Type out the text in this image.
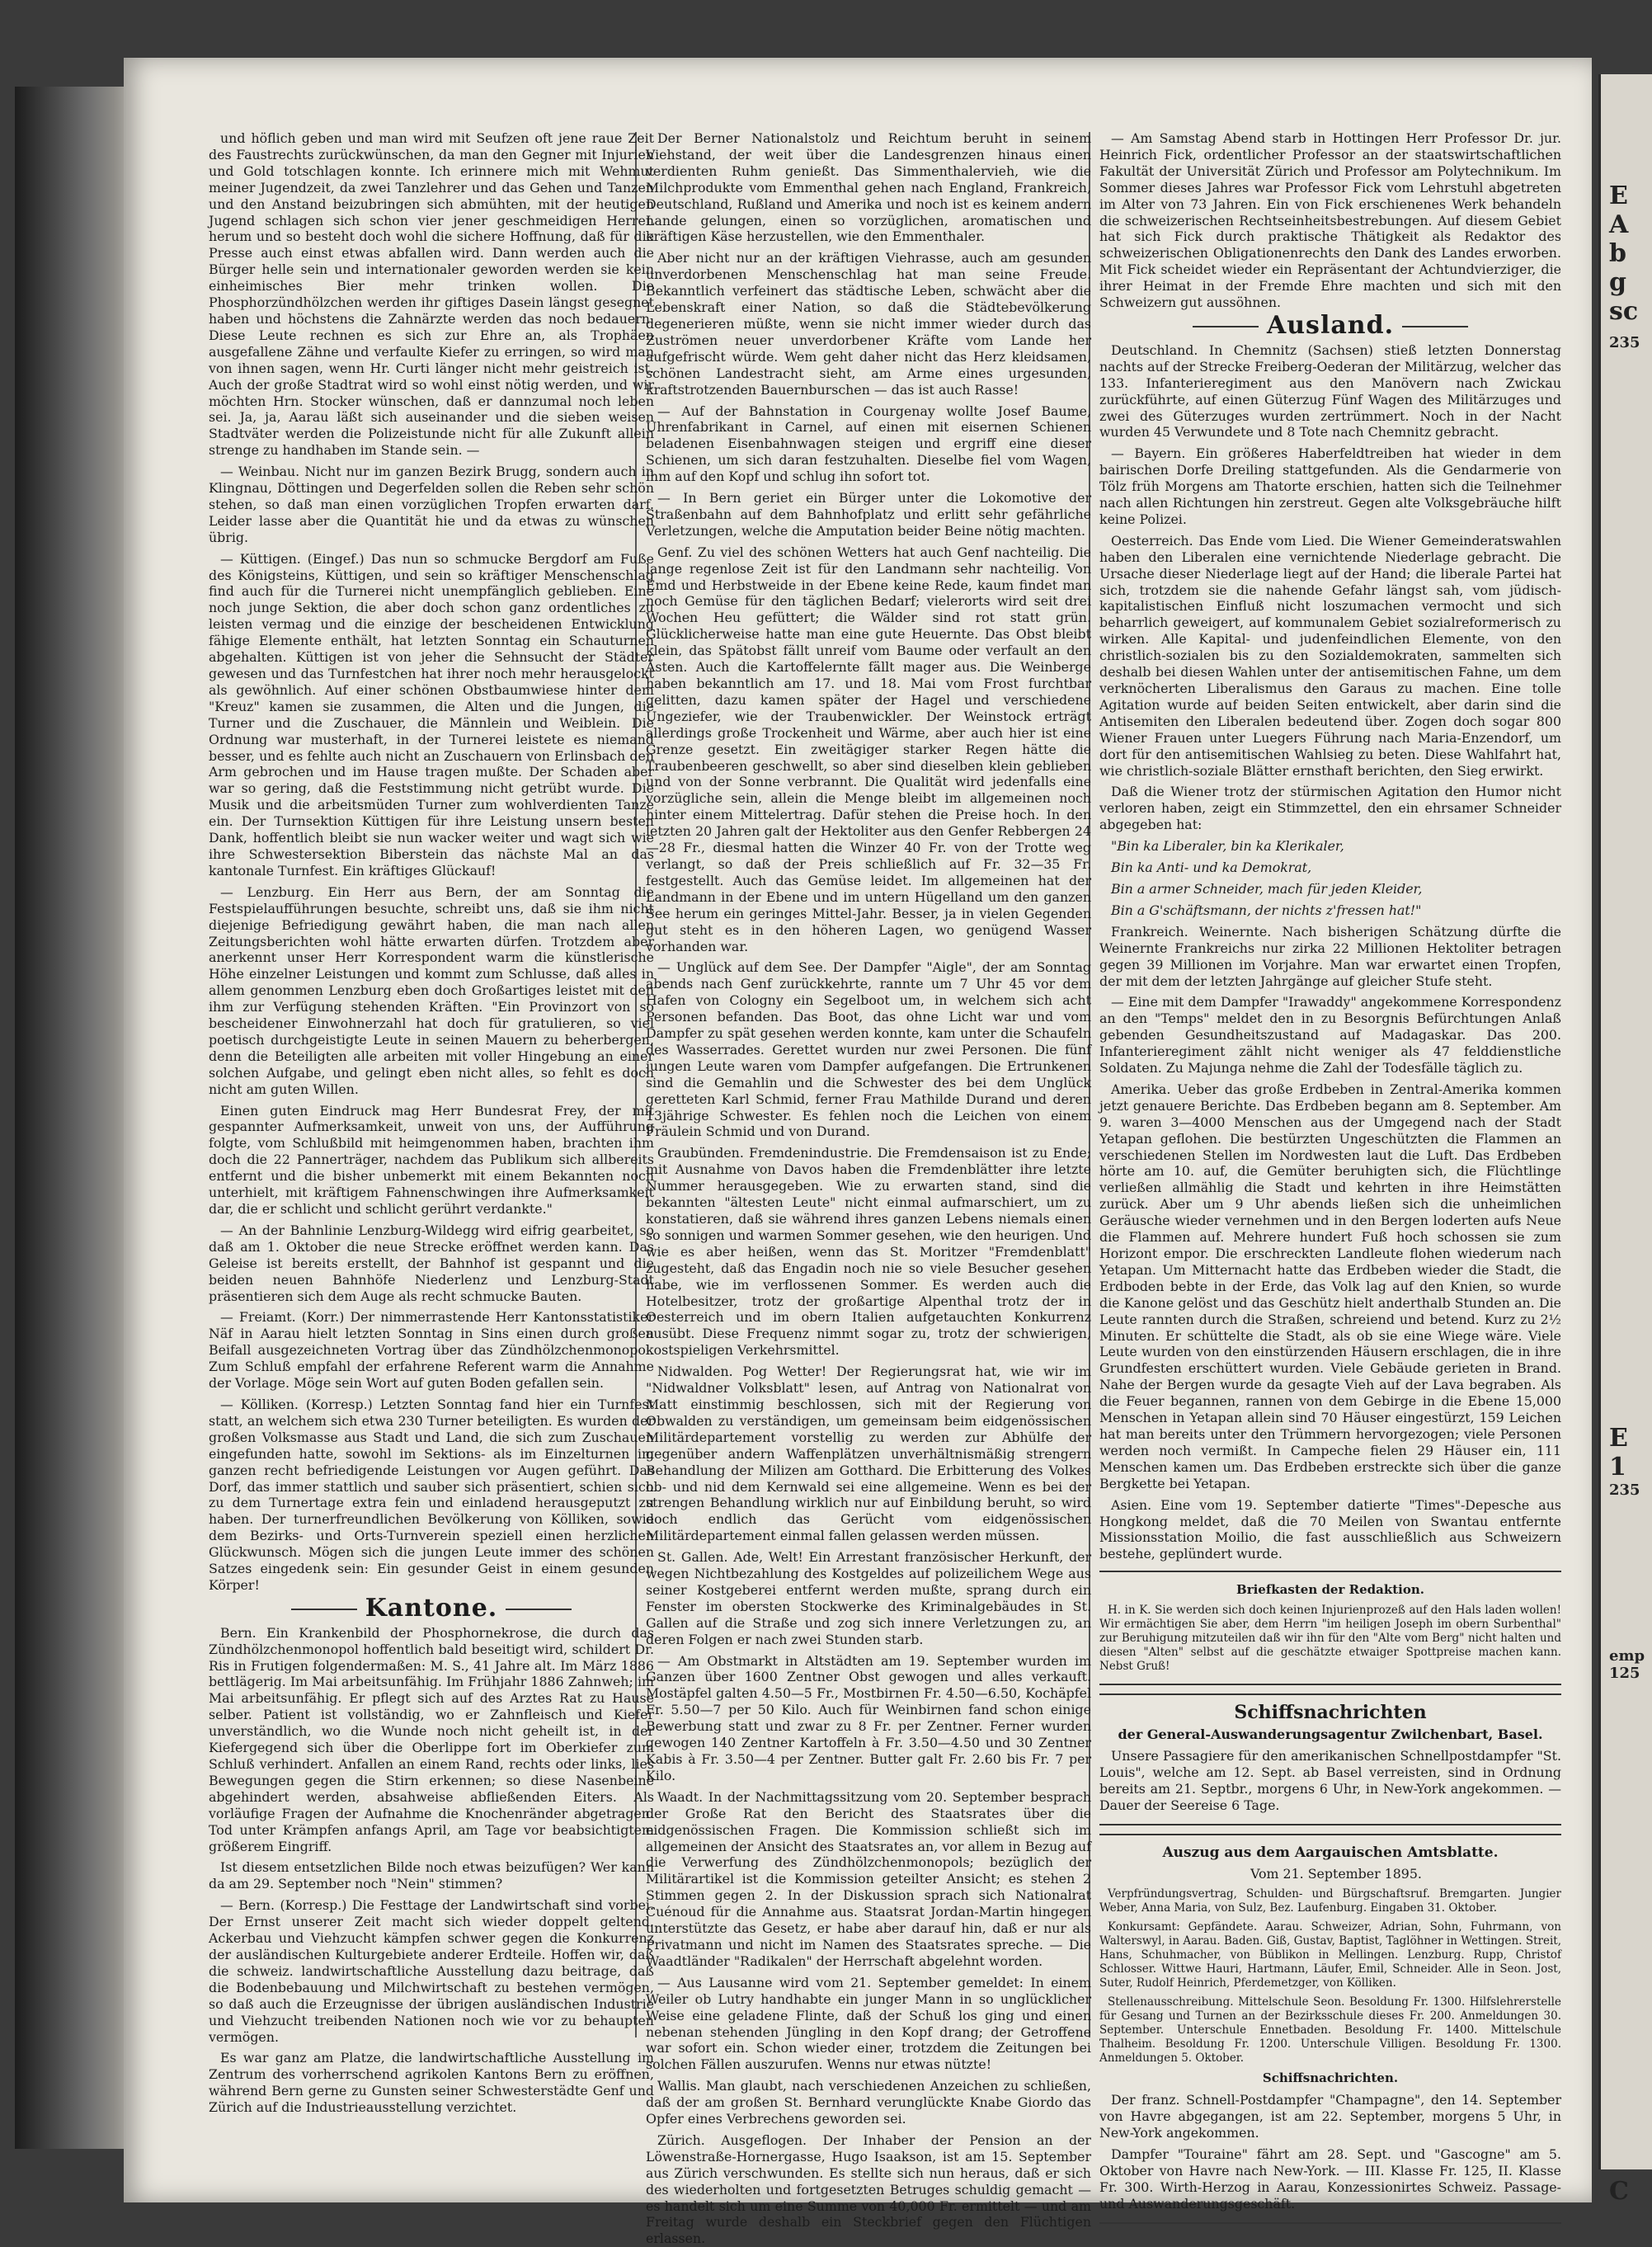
E
A
b
g
sc
235
E
1
235
emp
125
C

und höflich geben und man wird mit Seufzen oft jene raue Zeit des Faustrechts zurückwünschen, da man den Gegner mit Injurien und Gold totschlagen konnte. Ich erinnere mich mit Wehmut meiner Jugendzeit, da zwei Tanzlehrer und das Gehen und Tanzen und den Anstand beizubringen sich abmühten, mit der heutigen Jugend schlagen sich schon vier jener geschmeidigen Herren herum und so besteht doch wohl die sichere Hoffnung, daß für die Presse auch einst etwas abfallen wird. Dann werden auch die Bürger helle sein und internationaler geworden werden sie kein einheimisches Bier mehr trinken wollen. Die Phosphorzündhölzchen werden ihr giftiges Dasein längst gesegnet haben und höchstens die Zahnärzte werden das noch bedauern. Diese Leute rechnen es sich zur Ehre an, als Trophäen ausgefallene Zähne und verfaulte Kiefer zu erringen, so wird man von ihnen sagen, wenn Hr. Curti länger nicht mehr geistreich ist. Auch der große Stadtrat wird so wohl einst nötig werden, und wir möchten Hrn. Stocker wünschen, daß er dannzumal noch leben sei. Ja, ja, Aarau läßt sich auseinander und die sieben weisen Stadtväter werden die Polizeistunde nicht für alle Zukunft allein strenge zu handhaben im Stande sein. —

— Weinbau. Nicht nur im ganzen Bezirk Brugg, sondern auch in Klingnau, Döttingen und Degerfelden sollen die Reben sehr schön stehen, so daß man einen vorzüglichen Tropfen erwarten darf. Leider lasse aber die Quantität hie und da etwas zu wünschen übrig.

— Küttigen. (Eingef.) Das nun so schmucke Bergdorf am Fuße des Königsteins, Küttigen, und sein so kräftiger Menschenschlag find auch für die Turnerei nicht unempfänglich geblieben. Eine noch junge Sektion, die aber doch schon ganz ordentliches zu leisten vermag und die einzige der bescheidenen Entwicklung fähige Elemente enthält, hat letzten Sonntag ein Schauturnen abgehalten. Küttigen ist von jeher die Sehnsucht der Städter gewesen und das Turnfestchen hat ihrer noch mehr herausgelockt als gewöhnlich. Auf einer schönen Obstbaumwiese hinter dem "Kreuz" kamen sie zusammen, die Alten und die Jungen, die Turner und die Zuschauer, die Männlein und Weiblein. Die Ordnung war musterhaft, in der Turnerei leistete es niemand besser, und es fehlte auch nicht an Zuschauern von Erlinsbach den Arm gebrochen und im Hause tragen mußte. Der Schaden aber war so gering, daß die Feststimmung nicht getrübt wurde. Die Musik und die arbeitsmüden Turner zum wohlverdienten Tanze ein. Der Turnsektion Küttigen für ihre Leistung unsern besten Dank, hoffentlich bleibt sie nun wacker weiter und wagt sich wie ihre Schwestersektion Biberstein das nächste Mal an das kantonale Turnfest. Ein kräftiges Glückauf!

— Lenzburg. Ein Herr aus Bern, der am Sonntag die Festspielaufführungen besuchte, schreibt uns, daß sie ihm nicht diejenige Befriedigung gewährt haben, die man nach allen Zeitungsberichten wohl hätte erwarten dürfen. Trotzdem aber anerkennt unser Herr Korrespondent warm die künstlerische Höhe einzelner Leistungen und kommt zum Schlusse, daß alles in allem genommen Lenzburg eben doch Großartiges leistet mit den ihm zur Verfügung stehenden Kräften. "Ein Provinzort von so bescheidener Einwohnerzahl hat doch für gratulieren, so viel poetisch durchgeistigte Leute in seinen Mauern zu beherbergen, denn die Beteiligten alle arbeiten mit voller Hingebung an einer solchen Aufgabe, und gelingt eben nicht alles, so fehlt es doch nicht am guten Willen.

Einen guten Eindruck mag Herr Bundesrat Frey, der mit gespannter Aufmerksamkeit, unweit von uns, der Aufführung folgte, vom Schlußbild mit heimgenommen haben, brachten ihm doch die 22 Pannerträger, nachdem das Publikum sich allbereits entfernt und die bisher unbemerkt mit einem Bekannten noch unterhielt, mit kräftigem Fahnenschwingen ihre Aufmerksamkeit dar, die er schlicht und schlicht gerührt verdankte."

— An der Bahnlinie Lenzburg-Wildegg wird eifrig gearbeitet, so daß am 1. Oktober die neue Strecke eröffnet werden kann. Das Geleise ist bereits erstellt, der Bahnhof ist gespannt und die beiden neuen Bahnhöfe Niederlenz und Lenzburg-Stadt präsentieren sich dem Auge als recht schmucke Bauten.

— Freiamt. (Korr.) Der nimmerrastende Herr Kantonsstatistiker Näf in Aarau hielt letzten Sonntag in Sins einen durch großen Beifall ausgezeichneten Vortrag über das Zündhölzchenmonopol. Zum Schluß empfahl der erfahrene Referent warm die Annahme der Vorlage. Möge sein Wort auf guten Boden gefallen sein.

— Kölliken. (Korresp.) Letzten Sonntag fand hier ein Turnfest statt, an welchem sich etwa 230 Turner beteiligten. Es wurden der großen Volksmasse aus Stadt und Land, die sich zum Zuschauen eingefunden hatte, sowohl im Sektions- als im Einzelturnen im ganzen recht befriedigende Leistungen vor Augen geführt. Das Dorf, das immer stattlich und sauber sich präsentiert, schien sich zu dem Turnertage extra fein und einladend herausgeputzt zu haben. Der turnerfreundlichen Bevölkerung von Kölliken, sowie dem Bezirks- und Orts-Turnverein speziell einen herzlichen Glückwunsch. Mögen sich die jungen Leute immer des schönen Satzes eingedenk sein: Ein gesunder Geist in einem gesunden Körper!

Kantone.

Bern. Ein Krankenbild der Phosphornekrose, die durch das Zündhölzchenmonopol hoffentlich bald beseitigt wird, schildert Dr. Ris in Frutigen folgendermaßen: M. S., 41 Jahre alt. Im März 1886 bettlägerig. Im Mai arbeitsunfähig. Im Frühjahr 1886 Zahnweh; im Mai arbeitsunfähig. Er pflegt sich auf des Arztes Rat zu Hause selber. Patient ist vollständig, wo er Zahnfleisch und Kiefer unverständlich, wo die Wunde noch nicht geheilt ist, in der Kiefergegend sich über die Oberlippe fort im Oberkiefer zum Schluß verhindert. Anfallen an einem Rand, rechts oder links, lies Bewegungen gegen die Stirn erkennen; so diese Nasenbeine abgehindert werden, absahweise abfließenden Eiters. Als vorläufige Fragen der Aufnahme die Knochenränder abgetragen. Tod unter Krämpfen anfangs April, am Tage vor beabsichtigtem größerem Eingriff.

Ist diesem entsetzlichen Bilde noch etwas beizufügen? Wer kann da am 29. September noch "Nein" stimmen?

— Bern. (Korresp.) Die Festtage der Landwirtschaft sind vorbei. Der Ernst unserer Zeit macht sich wieder doppelt geltend. Ackerbau und Viehzucht kämpfen schwer gegen die Konkurrenz der ausländischen Kulturgebiete anderer Erdteile. Hoffen wir, daß die schweiz. landwirtschaftliche Ausstellung dazu beitrage, daß die Bodenbebauung und Milchwirtschaft zu bestehen vermögen, so daß auch die Erzeugnisse der übrigen ausländischen Industrie und Viehzucht treibenden Nationen noch wie vor zu behaupten vermögen.

Es war ganz am Platze, die landwirtschaftliche Ausstellung im Zentrum des vorherrschend agrikolen Kantons Bern zu eröffnen, während Bern gerne zu Gunsten seiner Schwesterstädte Genf und Zürich auf die Industrieausstellung verzichtet.

Der Berner Nationalstolz und Reichtum beruht in seinem Viehstand, der weit über die Landesgrenzen hinaus einen verdienten Ruhm genießt. Das Simmenthalervieh, wie die Milchprodukte vom Emmenthal gehen nach England, Frankreich, Deutschland, Rußland und Amerika und noch ist es keinem andern Lande gelungen, einen so vorzüglichen, aromatischen und kräftigen Käse herzustellen, wie den Emmenthaler.

Aber nicht nur an der kräftigen Viehrasse, auch am gesunden unverdorbenen Menschenschlag hat man seine Freude. Bekanntlich verfeinert das städtische Leben, schwächt aber die Lebenskraft einer Nation, so daß die Städtebevölkerung degenerieren müßte, wenn sie nicht immer wieder durch das Zuströmen neuer unverdorbener Kräfte vom Lande her aufgefrischt würde. Wem geht daher nicht das Herz kleidsamen, schönen Landestracht sieht, am Arme eines urgesunden, kraftstrotzenden Bauernburschen — das ist auch Rasse!

— Auf der Bahnstation in Courgenay wollte Josef Baume, Uhrenfabrikant in Carnel, auf einen mit eisernen Schienen beladenen Eisenbahnwagen steigen und ergriff eine dieser Schienen, um sich daran festzuhalten. Dieselbe fiel vom Wagen, ihm auf den Kopf und schlug ihn sofort tot.

— In Bern geriet ein Bürger unter die Lokomotive der Straßenbahn auf dem Bahnhofplatz und erlitt sehr gefährliche Verletzungen, welche die Amputation beider Beine nötig machten.

Genf. Zu viel des schönen Wetters hat auch Genf nachteilig. Die lange regenlose Zeit ist für den Landmann sehr nachteilig. Von Emd und Herbstweide in der Ebene keine Rede, kaum findet man noch Gemüse für den täglichen Bedarf; vielerorts wird seit drei Wochen Heu gefüttert; die Wälder sind rot statt grün. Glücklicherweise hatte man eine gute Heuernte. Das Obst bleibt klein, das Spätobst fällt unreif vom Baume oder verfault an den Ästen. Auch die Kartoffelernte fällt mager aus. Die Weinberge haben bekanntlich am 17. und 18. Mai vom Frost furchtbar gelitten, dazu kamen später der Hagel und verschiedene Ungeziefer, wie der Traubenwickler. Der Weinstock erträgt allerdings große Trockenheit und Wärme, aber auch hier ist eine Grenze gesetzt. Ein zweitägiger starker Regen hätte die Traubenbeeren geschwellt, so aber sind dieselben klein geblieben und von der Sonne verbrannt. Die Qualität wird jedenfalls eine vorzügliche sein, allein die Menge bleibt im allgemeinen noch hinter einem Mittelertrag. Dafür stehen die Preise hoch. In den letzten 20 Jahren galt der Hektoliter aus den Genfer Rebbergen 24—28 Fr., diesmal hatten die Winzer 40 Fr. von der Trotte weg verlangt, so daß der Preis schließlich auf Fr. 32—35 Fr. festgestellt. Auch das Gemüse leidet. Im allgemeinen hat der Landmann in der Ebene und im untern Hügelland um den ganzen See herum ein geringes Mittel-Jahr. Besser, ja in vielen Gegenden gut steht es in den höheren Lagen, wo genügend Wasser vorhanden war.

— Unglück auf dem See. Der Dampfer "Aigle", der am Sonntag abends nach Genf zurückkehrte, rannte um 7 Uhr 45 vor dem Hafen von Cologny ein Segelboot um, in welchem sich acht Personen befanden. Das Boot, das ohne Licht war und vom Dampfer zu spät gesehen werden konnte, kam unter die Schaufeln des Wasserrades. Gerettet wurden nur zwei Personen. Die fünf jungen Leute waren vom Dampfer aufgefangen. Die Ertrunkenen sind die Gemahlin und die Schwester des bei dem Unglück geretteten Karl Schmid, ferner Frau Mathilde Durand und deren 13jährige Schwester. Es fehlen noch die Leichen von einem Fräulein Schmid und von Durand.

Graubünden. Fremdenindustrie. Die Fremdensaison ist zu Ende; mit Ausnahme von Davos haben die Fremdenblätter ihre letzte Nummer herausgegeben. Wie zu erwarten stand, sind die bekannten "ältesten Leute" nicht einmal aufmarschiert, um zu konstatieren, daß sie während ihres ganzen Lebens niemals einen so sonnigen und warmen Sommer gesehen, wie den heurigen. Und wie es aber heißen, wenn das St. Moritzer "Fremdenblatt" zugesteht, daß das Engadin noch nie so viele Besucher gesehen habe, wie im verflossenen Sommer. Es werden auch die Hotelbesitzer, trotz der großartige Alpenthal trotz der in Oesterreich und im obern Italien aufgetauchten Konkurrenz ausübt. Diese Frequenz nimmt sogar zu, trotz der schwierigen, kostspieligen Verkehrsmittel.

Nidwalden. Pog Wetter! Der Regierungsrat hat, wie wir im "Nidwaldner Volksblatt" lesen, auf Antrag von Nationalrat von Matt einstimmig beschlossen, sich mit der Regierung von Obwalden zu verständigen, um gemeinsam beim eidgenössischen Militärdepartement vorstellig zu werden zur Abhülfe der gegenüber andern Waffenplätzen unverhältnismäßig strengern Behandlung der Milizen am Gotthard. Die Erbitterung des Volkes ob- und nid dem Kernwald sei eine allgemeine. Wenn es bei der strengen Behandlung wirklich nur auf Einbildung beruht, so wird doch endlich das Gerücht vom eidgenössischen Militärdepartement einmal fallen gelassen werden müssen.

St. Gallen. Ade, Welt! Ein Arrestant französischer Herkunft, der wegen Nichtbezahlung des Kostgeldes auf polizeilichem Wege aus seiner Kostgeberei entfernt werden mußte, sprang durch ein Fenster im obersten Stockwerke des Kriminalgebäudes in St. Gallen auf die Straße und zog sich innere Verletzungen zu, an deren Folgen er nach zwei Stunden starb.

— Am Obstmarkt in Altstädten am 19. September wurden im Ganzen über 1600 Zentner Obst gewogen und alles verkauft. Mostäpfel galten 4.50—5 Fr., Mostbirnen Fr. 4.50—6.50, Kochäpfel Fr. 5.50—7 per 50 Kilo. Auch für Weinbirnen fand schon einige Bewerbung statt und zwar zu 8 Fr. per Zentner. Ferner wurden gewogen 140 Zentner Kartoffeln à Fr. 3.50—4.50 und 30 Zentner Kabis à Fr. 3.50—4 per Zentner. Butter galt Fr. 2.60 bis Fr. 7 per Kilo.

Waadt. In der Nachmittagssitzung vom 20. September besprach der Große Rat den Bericht des Staatsrates über die eidgenössischen Fragen. Die Kommission schließt sich im allgemeinen der Ansicht des Staatsrates an, vor allem in Bezug auf die Verwerfung des Zündhölzchenmonopols; bezüglich der Militärartikel ist die Kommission geteilter Ansicht; es stehen 2 Stimmen gegen 2. In der Diskussion sprach sich Nationalrat Cuénoud für die Annahme aus. Staatsrat Jordan-Martin hingegen unterstützte das Gesetz, er habe aber darauf hin, daß er nur als Privatmann und nicht im Namen des Staatsrates spreche. — Die Waadtländer "Radikalen" der Herrschaft abgelehnt worden.

— Aus Lausanne wird vom 21. September gemeldet: In einem Weiler ob Lutry handhabte ein junger Mann in so unglücklicher Weise eine geladene Flinte, daß der Schuß los ging und einen nebenan stehenden Jüngling in den Kopf drang; der Getroffene war sofort ein. Schon wieder einer, trotzdem die Zeitungen bei solchen Fällen auszurufen. Wenns nur etwas nützte!

Wallis. Man glaubt, nach verschiedenen Anzeichen zu schließen, daß der am großen St. Bernhard verunglückte Knabe Giordo das Opfer eines Verbrechens geworden sei.

Zürich. Ausgeflogen. Der Inhaber der Pension an der Löwenstraße-Hornergasse, Hugo Isaakson, ist am 15. September aus Zürich verschwunden. Es stellte sich nun heraus, daß er sich des wiederholten und fortgesetzten Betruges schuldig gemacht — es handelt sich um eine Summe von 40,000 Fr. ermittelt — und am Freitag wurde deshalb ein Steckbrief gegen den Flüchtigen erlassen.

— Am Samstag Abend starb in Hottingen Herr Professor Dr. jur. Heinrich Fick, ordentlicher Professor an der staatswirtschaftlichen Fakultät der Universität Zürich und Professor am Polytechnikum. Im Sommer dieses Jahres war Professor Fick vom Lehrstuhl abgetreten im Alter von 73 Jahren. Ein von Fick erschienenes Werk behandeln die schweizerischen Rechtseinheitsbestrebungen. Auf diesem Gebiet hat sich Fick durch praktische Thätigkeit als Redaktor des schweizerischen Obligationenrechts den Dank des Landes erworben. Mit Fick scheidet wieder ein Repräsentant der Achtundvierziger, die ihrer Heimat in der Fremde Ehre machten und sich mit den Schweizern gut aussöhnen.

Ausland.

Deutschland. In Chemnitz (Sachsen) stieß letzten Donnerstag nachts auf der Strecke Freiberg-Oederan der Militärzug, welcher das 133. Infanterieregiment aus den Manövern nach Zwickau zurückführte, auf einen Güterzug Fünf Wagen des Militärzuges und zwei des Güterzuges wurden zertrümmert. Noch in der Nacht wurden 45 Verwundete und 8 Tote nach Chemnitz gebracht.

— Bayern. Ein größeres Haberfeldtreiben hat wieder in dem bairischen Dorfe Dreiling stattgefunden. Als die Gendarmerie von Tölz früh Morgens am Thatorte erschien, hatten sich die Teilnehmer nach allen Richtungen hin zerstreut. Gegen alte Volksgebräuche hilft keine Polizei.

Oesterreich. Das Ende vom Lied. Die Wiener Gemeinderatswahlen haben den Liberalen eine vernichtende Niederlage gebracht. Die Ursache dieser Niederlage liegt auf der Hand; die liberale Partei hat sich, trotzdem sie die nahende Gefahr längst sah, vom jüdisch-kapitalistischen Einfluß nicht loszumachen vermocht und sich beharrlich geweigert, auf kommunalem Gebiet sozialreformerisch zu wirken. Alle Kapital- und judenfeindlichen Elemente, von den christlich-sozialen bis zu den Sozialdemokraten, sammelten sich deshalb bei diesen Wahlen unter der antisemitischen Fahne, um dem verknöcherten Liberalismus den Garaus zu machen. Eine tolle Agitation wurde auf beiden Seiten entwickelt, aber darin sind die Antisemiten den Liberalen bedeutend über. Zogen doch sogar 800 Wiener Frauen unter Luegers Führung nach Maria-Enzendorf, um dort für den antisemitischen Wahlsieg zu beten. Diese Wahlfahrt hat, wie christlich-soziale Blätter ernsthaft berichten, den Sieg erwirkt.

Daß die Wiener trotz der stürmischen Agitation den Humor nicht verloren haben, zeigt ein Stimmzettel, den ein ehrsamer Schneider abgegeben hat:

"Bin ka Liberaler, bin ka Klerikaler,

Bin ka Anti- und ka Demokrat,

Bin a armer Schneider, mach für jeden Kleider,

Bin a G'schäftsmann, der nichts z'fressen hat!"

Frankreich. Weinernte. Nach bisherigen Schätzung dürfte die Weinernte Frankreichs nur zirka 22 Millionen Hektoliter betragen gegen 39 Millionen im Vorjahre. Man war erwartet einen Tropfen, der mit dem der letzten Jahrgänge auf gleicher Stufe steht.

— Eine mit dem Dampfer "Irawaddy" angekommene Korrespondenz an den "Temps" meldet den in zu Besorgnis Befürchtungen Anlaß gebenden Gesundheitszustand auf Madagaskar. Das 200. Infanterieregiment zählt nicht weniger als 47 felddienstliche Soldaten. Zu Majunga nehme die Zahl der Todesfälle täglich zu.

Amerika. Ueber das große Erdbeben in Zentral-Amerika kommen jetzt genauere Berichte. Das Erdbeben begann am 8. September. Am 9. waren 3—4000 Menschen aus der Umgegend nach der Stadt Yetapan geflohen. Die bestürzten Ungeschützten die Flammen an verschiedenen Stellen im Nordwesten laut die Luft. Das Erdbeben hörte am 10. auf, die Gemüter beruhigten sich, die Flüchtlinge verließen allmählig die Stadt und kehrten in ihre Heimstätten zurück. Aber um 9 Uhr abends ließen sich die unheimlichen Geräusche wieder vernehmen und in den Bergen loderten aufs Neue die Flammen auf. Mehrere hundert Fuß hoch schossen sie zum Horizont empor. Die erschreckten Landleute flohen wiederum nach Yetapan. Um Mitternacht hatte das Erdbeben wieder die Stadt, die Erdboden bebte in der Erde, das Volk lag auf den Knien, so wurde die Kanone gelöst und das Geschütz hielt anderthalb Stunden an. Die Leute rannten durch die Straßen, schreiend und betend. Kurz zu 2½ Minuten. Er schüttelte die Stadt, als ob sie eine Wiege wäre. Viele Leute wurden von den einstürzenden Häusern erschlagen, die in ihre Grundfesten erschüttert wurden. Viele Gebäude gerieten in Brand. Nahe der Bergen wurde da gesagte Vieh auf der Lava begraben. Als die Feuer begannen, rannen von dem Gebirge in die Ebene 15,000 Menschen in Yetapan allein sind 70 Häuser eingestürzt, 159 Leichen hat man bereits unter den Trümmern hervorgezogen; viele Personen werden noch vermißt. In Campeche fielen 29 Häuser ein, 111 Menschen kamen um. Das Erdbeben erstreckte sich über die ganze Bergkette bei Yetapan.

Asien. Eine vom 19. September datierte "Times"-Depesche aus Hongkong meldet, daß die 70 Meilen von Swantau entfernte Missionsstation Moilio, die fast ausschließlich aus Schweizern bestehe, geplündert wurde.

Briefkasten der Redaktion.

H. in K. Sie werden sich doch keinen Injurienprozeß auf den Hals laden wollen! Wir ermächtigen Sie aber, dem Herrn "im heiligen Joseph im obern Surbenthal" zur Beruhigung mitzuteilen daß wir ihn für den "Alte vom Berg" nicht halten und diesen "Alten" selbst auf die geschätzte etwaiger Spottpreise machen kann. Nebst Gruß!

Schiffsnachrichten
der General-Auswanderungsagentur Zwilchenbart, Basel.

Unsere Passagiere für den amerikanischen Schnellpostdampfer "St. Louis", welche am 12. Sept. ab Basel verreisten, sind in Ordnung bereits am 21. Septbr., morgens 6 Uhr, in New-York angekommen. — Dauer der Seereise 6 Tage.

Auszug aus dem Aargauischen Amtsblatte.

Vom 21. September 1895.

Verpfründungsvertrag, Schulden- und Bürgschaftsruf. Bremgarten. Jungier Weber, Anna Maria, von Sulz, Bez. Laufenburg. Eingaben 31. Oktober.

Konkursamt: Gepfändete. Aarau. Schweizer, Adrian, Sohn, Fuhrmann, von Walterswyl, in Aarau. Baden. Giß, Gustav, Baptist, Taglöhner in Wettingen. Streit, Hans, Schuhmacher, von Büblikon in Mellingen. Lenzburg. Rupp, Christof Schlosser. Wittwe Hauri, Hartmann, Läufer, Emil, Schneider. Alle in Seon. Jost, Suter, Rudolf Heinrich, Pferdemetzger, von Kölliken.

Stellenausschreibung. Mittelschule Seon. Besoldung Fr. 1300. Hilfslehrerstelle für Gesang und Turnen an der Bezirksschule dieses Fr. 200. Anmeldungen 30. September. Unterschule Ennetbaden. Besoldung Fr. 1400. Mittelschule Thalheim. Besoldung Fr. 1200. Unterschule Villigen. Besoldung Fr. 1300. Anmeldungen 5. Oktober.

Schiffsnachrichten.

Der franz. Schnell-Postdampfer "Champagne", den 14. September von Havre abgegangen, ist am 22. September, morgens 5 Uhr, in New-York angekommen.

Dampfer "Touraine" fährt am 28. Sept. und "Gascogne" am 5. Oktober von Havre nach New-York. — III. Klasse Fr. 125, II. Klasse Fr. 300. Wirth-Herzog in Aarau, Konzessionirtes Schweiz. Passage- und Auswanderungsgeschäft.
